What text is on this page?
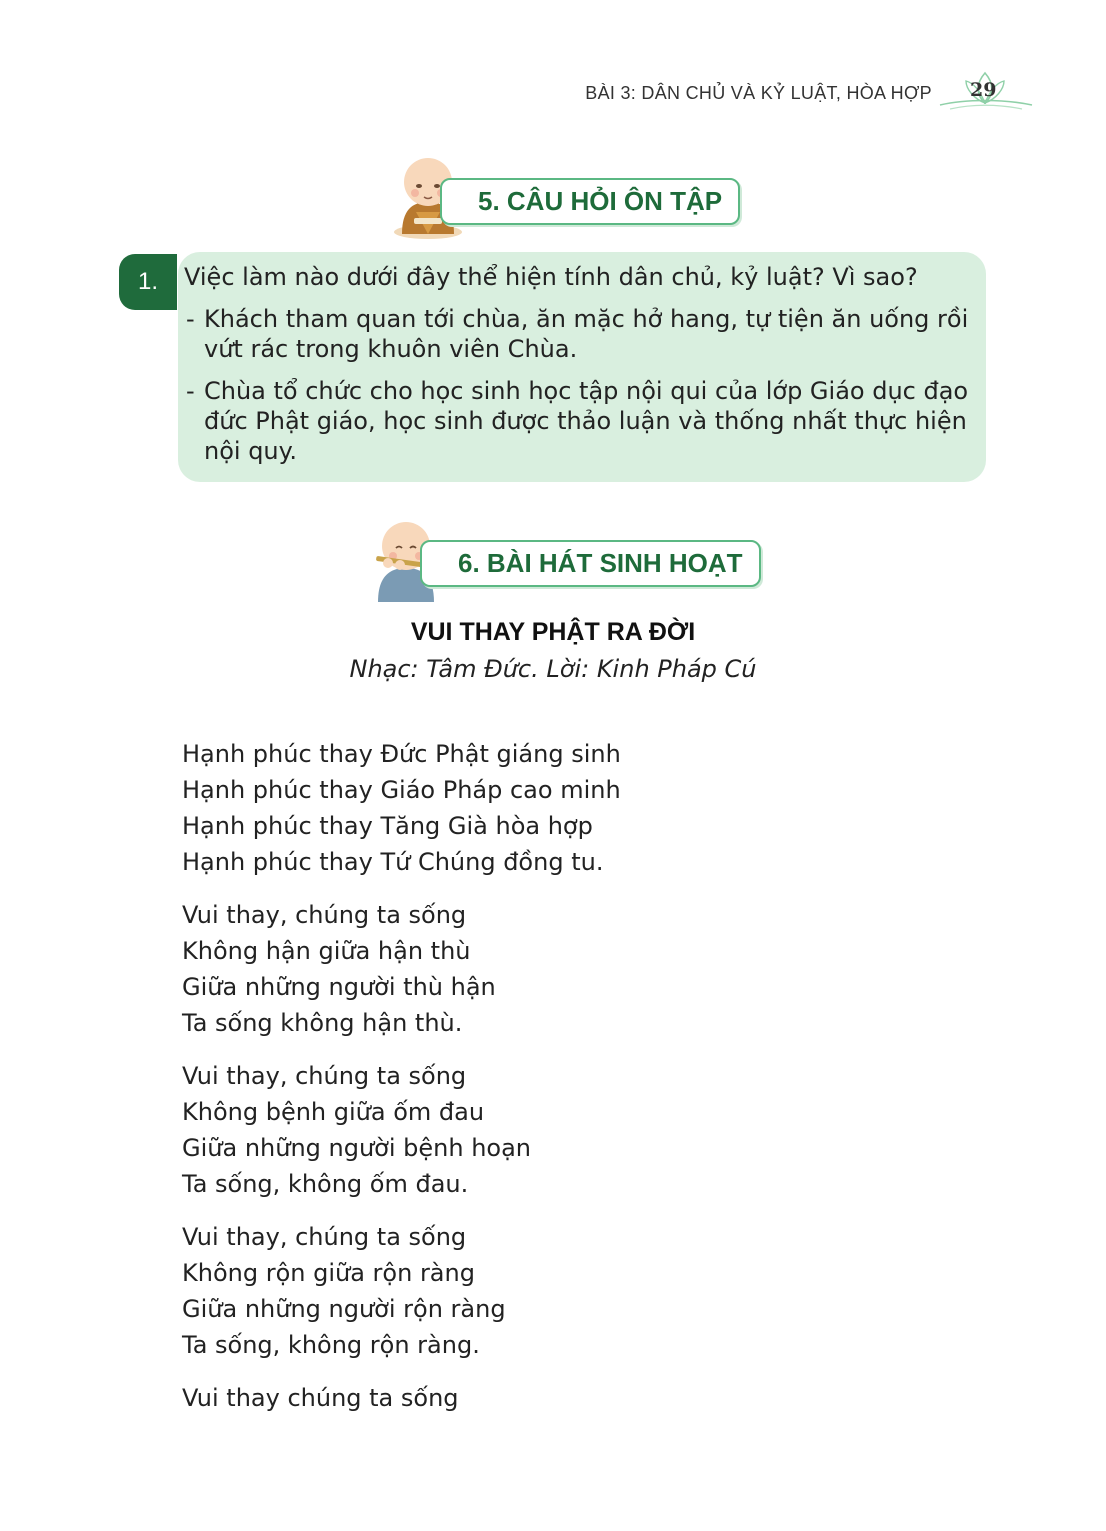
BÀI 3: DÂN CHỦ VÀ KỶ LUẬT, HÒA HỢP 29
5. CÂU HỎI ÔN TẬP
1.	Việc làm nào dưới đây thể hiện tính dân chủ, kỷ luật? Vì sao?

- Khách tham quan tới chùa, ăn mặc hở hang, tự tiện ăn uống rồi vứt rác trong khuôn viên Chùa.
- Chùa tổ chức cho học sinh học tập nội qui của lớp Giáo dục đạo đức Phật giáo, học sinh được thảo luận và thống nhất thực hiện nội quy.
6. BÀI HÁT SINH HOẠT
VUI THAY PHẬT RA ĐỜI
Nhạc: Tâm Đức. Lời: Kinh Pháp Cú
Hạnh phúc thay Đức Phật giáng sinh
Hạnh phúc thay Giáo Pháp cao minh
Hạnh phúc thay Tăng Già hòa hợp
Hạnh phúc thay Tứ Chúng đồng tu.
Vui thay, chúng ta sống
Không hận giữa hận thù
Giữa những người thù hận
Ta sống không hận thù.
Vui thay, chúng ta sống
Không bệnh giữa ốm đau
Giữa những người bệnh hoạn
Ta sống, không ốm đau.
Vui thay, chúng ta sống
Không rộn giữa rộn ràng
Giữa những người rộn ràng
Ta sống, không rộn ràng.
Vui thay chúng ta sống
